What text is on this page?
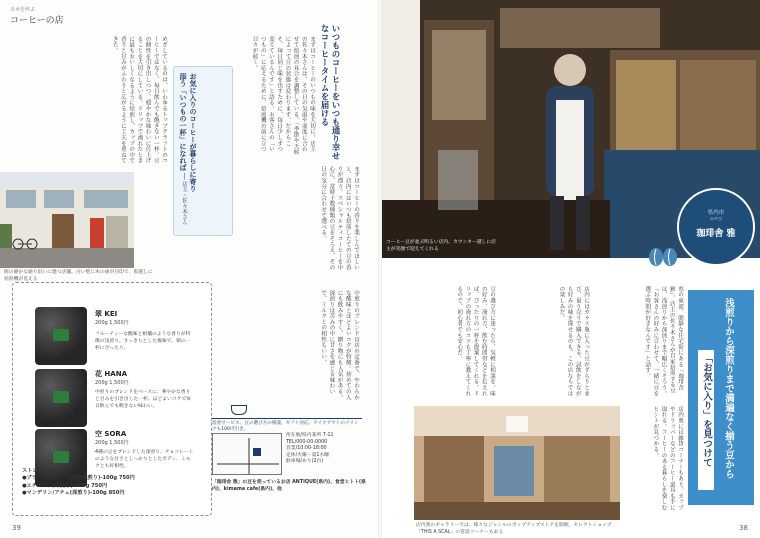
幸せを呼ぶ
コーヒーの店
いつものコーヒーをいつも通り幸せなコーヒータイムを届ける
まずはコーヒーのいつもの味を大切に。店主の佐々木さんは、その日の気温や湿度に合わせて焙煎の具合を調整している。「季節や天候によって豆の状態は変わります。だからこそ、毎日同じ味を出すために、毎日少しずつ変えているんです」と語る。お客さんの「いつもの」に応えるために、焙煎機の前に立つ日々が続く。
めざしているのは、いわゆるトップクラフトのコーヒーではなく、毎日飲んでも飽きない一杯。豆の個性を引き出しつつ、穏やかな味わいに仕上げることを大切にしている。ドリップで淹れたときに最もおいしくなるように焙煎し、カップの中で香りと甘みがふわりと広がるように工夫を重ねてきた。
お気に入りのコーヒーが暮らしに寄り添う「いつもの一杯」になれば
── 店主・佐々木さん	まずはコーヒーの香りを楽しんでほしいと、店内にはいつも焙煎したての豆の香りが漂う。スペシャルティコーヒーを中心に、常時十数種類の豆をそろえ、その日の気分に合わせて選べる。
中煎りのブレンドは店の定番で、やわらかな酸味とほどよいコクが特徴。初めての人にも飲みやすく、贈り物にも人気がある。深煎りは苦みの中に甘さを感じる味わいで、ミルクとの相性もいい。
街の静かな通り沿いに建つ店舗。白い壁に木の扉が目印で、窓越しに焙煎機が見える
翠 KEI
200g 1,500円
フルーティーな酸味と柑橘のような香りが特徴の浅煎り。すっきりとした後味で、朝の一杯にぴったり。
花 HANA
200g 1,500円
中煎りのブレンドをベースに、華やかな香りと甘みを引き出した一杯。ほどよいコクで毎日飲んでも飽きない味わい。
空 SORA
200g 1,500円
4種の豆をブレンドした深煎り。チョコレートのような甘さとしっかりとしたボディ、ミルクとも好相性。
ストレートコーヒー
●ブラジル/ドゥトラ農園(浅煎り)-100g 750円
●エチオピア(中煎り)-100g 750円
●マンデリン/アチェ(深煎り)-100g 850円
焙煎サービス、豆の選び方の相談、ギフト対応、テイクアウトのドリンクも100円引き。
所在地/県内某所 7-11
TEL/000-00-0000
営業/10:00-18:00
定休/火曜・第1水曜
駐車場/あり(2台)
「珈琲舎 雅」の豆を使っているお店 ANTIQUE(県内)、食堂ヒトト(県内)、kimama cafe(県内)、他
39
コーヒー豆が並ぶ明るい店内。カウンター越しに店主が笑顔で迎えてくれる
県内市
みやび
珈琲舎 雅
県の東部、閑静な住宅街にある「珈琲舎 雅」。店主の佐々木さんが自家焙煎する豆は、浅煎りから深煎りまで幅広くそろう。「お客さんの好みに合わせて、一緒に豆を選ぶ時間が好きなんです」と話す。
店内にはガラス瓶に入った豆がずらりと並び、量り売りで購入できる。試飲をしながら好みの味を探せるのも、この店ならではの楽しみだ。
豆の選び方に迷ったら、気軽に相談を。味の好み、淹れ方、飲む時間帯などを伝えれば、ぴったりの一杯を提案してくれる。ドリップの淹れ方のコツも丁寧に教えてくれるので、初心者でも安心だ。
店内奥には雑貨コーナーもあり、カップやドリッパーなどのコーヒー道具も手に取れる。コーヒーのある暮らしを楽しむヒントが見つかる。	浅煎りから深煎りまで満遍なく揃う豆から
「お気に入り」を見つけて
店内奥のギャラリーでは、様々なジャンルのポップアップストアを開催。セレクトショップ「THIS A SCAL」の常設コーナーもある	38
